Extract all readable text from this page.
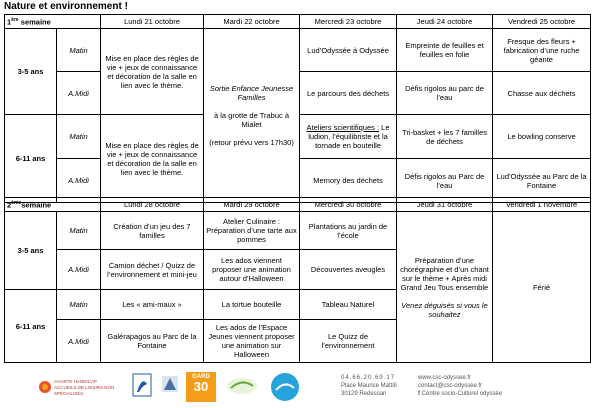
Nature et environnement !
1ère semaine		Lundi 21 octobre	Mardi 22 octobre	Mercredi 23 octobre	Jeudi 24 octobre	Vendredi 25 octobre
3-5 ans	Matin	Mise en place des règles de vie + jeux de connaissance et décoration de la salle en lien avec le thème.	Sortie Enfance Jeunesse Familles
à la grotte de Trabuc à Mialet
(retour prévu vers 17h30)	Lud’Odyssée à Odyssée	Empreinte de feuilles et feuilles en folie	Fresque des fleurs + fabrication d’une ruche géante
	A.Midi			Le parcours des déchets	Défis rigolos au parc de l’eau	Chasse aux déchets
6-11 ans	Matin	Mise en place des règles de vie + jeux de connaissance et décoration de la salle en lien avec le thème.		Ateliers scientifiques : Le ludion, l’équilibriste et la tornade en bouteille	Tri-basket + les 7 familles de déchets	Le bowling conserve
	A.Midi			Memory des déchets	Défis rigolos au Parc de l’eau	Lud’Odyssée au Parc de la Fontaine
2èmesemaine		Lundi 28 octobre	Mardi 29 octobre	Mercredi 30 octobre	Jeudi 31 octobre	Vendredi 1 novembre
3-5 ans	Matin	Création d’un jeu des 7 familles	Atelier Culinaire : Préparation d’une tarte aux pommes	Plantations au jardin de l’école	Préparation d’une chorégraphie et d’un chant sur le thème + Après midi Grand Jeu Tous ensemble
Venez déguisés si vous le souhaitez	Férié
	A.Midi	Camion déchet / Quizz de l’environnement et mini-jeu	Les ados viennent proposer une animation autour d’Halloween	Découvertes aveugles		
6-11 ans	Matin	Les « ami-maux »	La tortue bouteille	Tableau Naturel		
	A.Midi	Galérapagos au Parc de la Fontaine	Les ados de l’Espace Jeunes viennent proposer une animation sur Halloween	Le Quizz de l’environnement		
CHARTE HANDICAP ACCUEILS DE LOISIRS NON SPÉCIALISÉS
GARD
30
04.66.20.69.17
Place Maurice Mattiti
30129 Redessan
www.csc-odyssee.fr
contact@csc-odyssee.fr
f Centre socio-Culturel odyssée
